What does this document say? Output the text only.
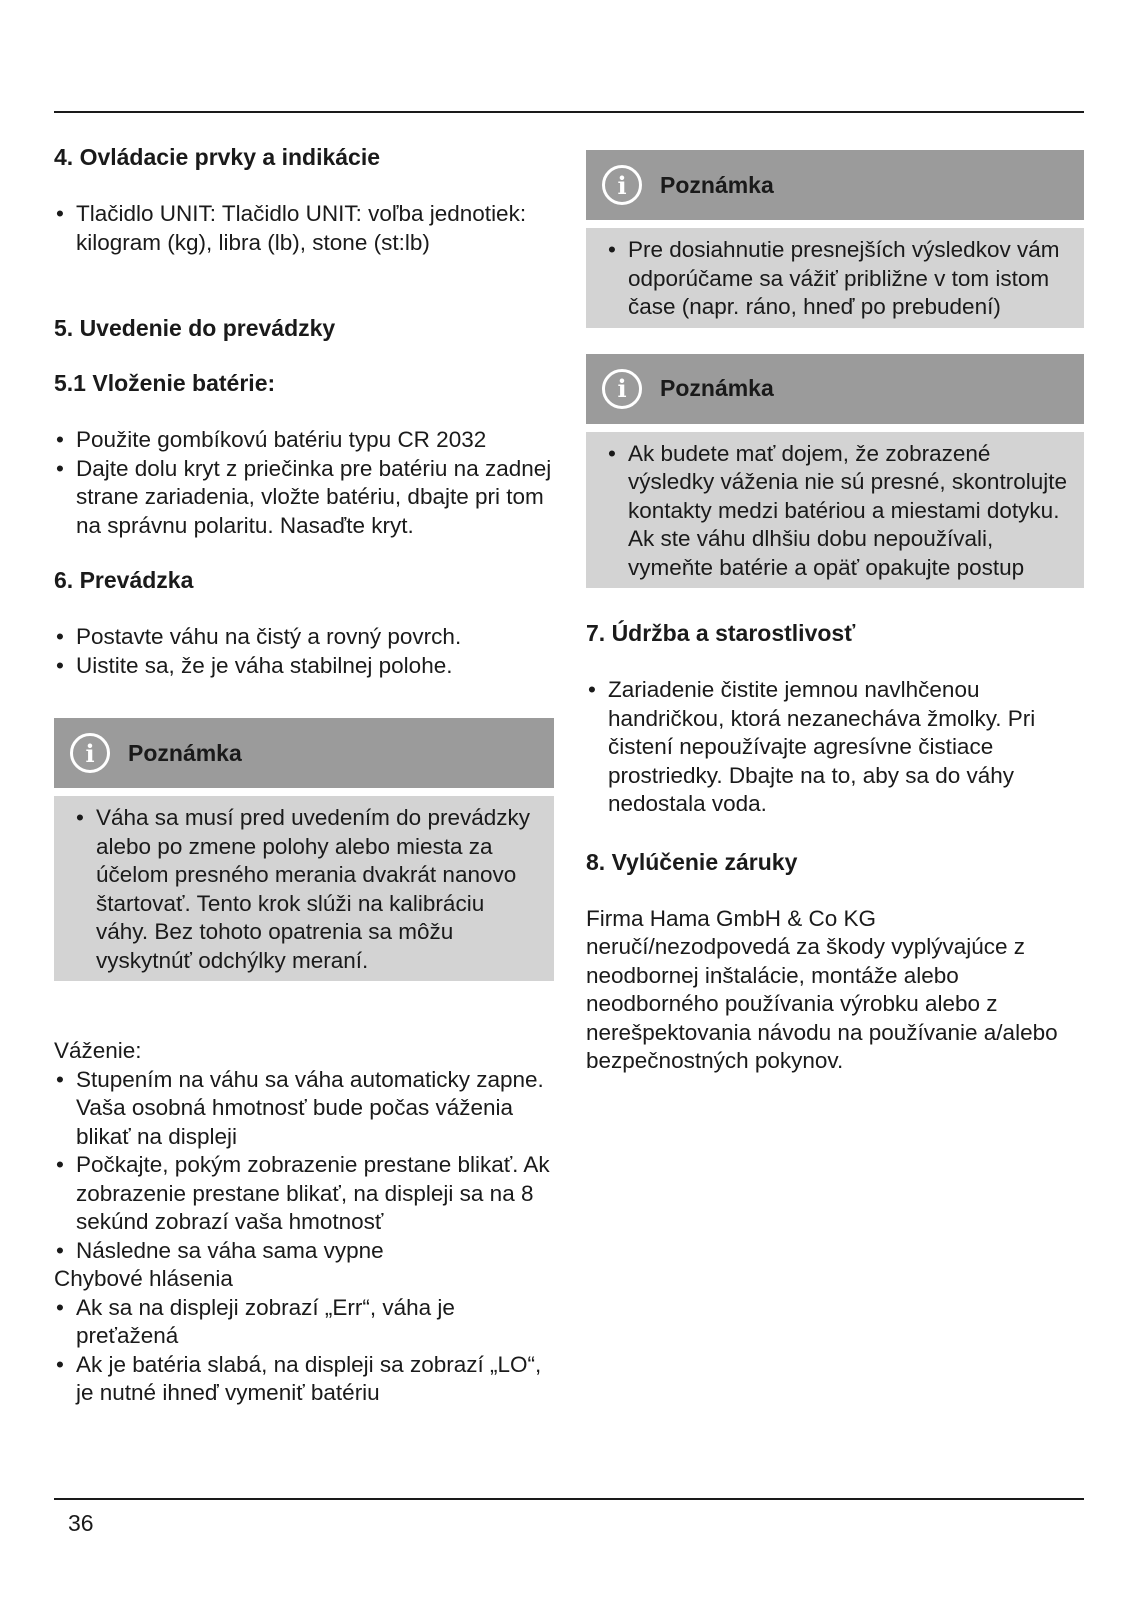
4. Ovládacie prvky a indikácie
• Tlačidlo UNIT: Tlačidlo UNIT: voľba jednotiek: kilogram (kg), libra (lb), stone (st:lb)
5. Uvedenie do prevádzky
5.1 Vloženie batérie:
• Použite gombíkovú batériu typu CR 2032
• Dajte dolu kryt z priečinka pre batériu na zadnej strane zariadenia, vložte batériu, dbajte pri tom na správnu polaritu. Nasaďte kryt.
6. Prevádzka
• Postavte váhu na čistý a rovný povrch.
• Uistite sa, že je váha stabilnej polohe.
i	Poznámka
• Váha sa musí pred uvedením do prevádzky alebo po zmene polohy alebo miesta za účelom presného merania dvakrát nanovo štartovať. Tento krok slúži na kalibráciu váhy. Bez tohoto opatrenia sa môžu vyskytnúť odchýlky meraní.

Váženie:

• Stupením na váhu sa váha automaticky zapne. Vaša osobná hmotnosť bude počas váženia blikať na displeji
• Počkajte, pokým zobrazenie prestane blikať. Ak zobrazenie prestane blikať, na displeji sa na 8 sekúnd zobrazí vaša hmotnosť
• Následne sa váha sama vypne

Chybové hlásenia

• Ak sa na displeji zobrazí „Err“, váha je preťažená
• Ak je batéria slabá, na displeji sa zobrazí „LO“, je nutné ihneď vymeniť batériu
i	Poznámka
• Pre dosiahnutie presnejších výsledkov vám odporúčame sa vážiť približne v tom istom čase (napr. ráno, hneď po prebudení)
i	Poznámka
• Ak budete mať dojem, že zobrazené výsledky váženia nie sú presné, skontrolujte kontakty medzi batériou a miestami dotyku. Ak ste váhu dlhšiu dobu nepoužívali, vymeňte batérie a opäť opakujte postup
7. Údržba a starostlivosť
• Zariadenie čistite jemnou navlhčenou handričkou, ktorá nezanecháva žmolky. Pri čistení nepoužívajte agresívne čistiace prostriedky. Dbajte na to, aby sa do váhy nedostala voda.
8. Vylúčenie záruky

Firma Hama GmbH & Co KG neručí/nezodpovedá za škody vyplývajúce z neodbornej inštalácie, montáže alebo neodborného používania výrobku alebo z nerešpektovania návodu na používanie a/alebo bezpečnostných pokynov.

36
